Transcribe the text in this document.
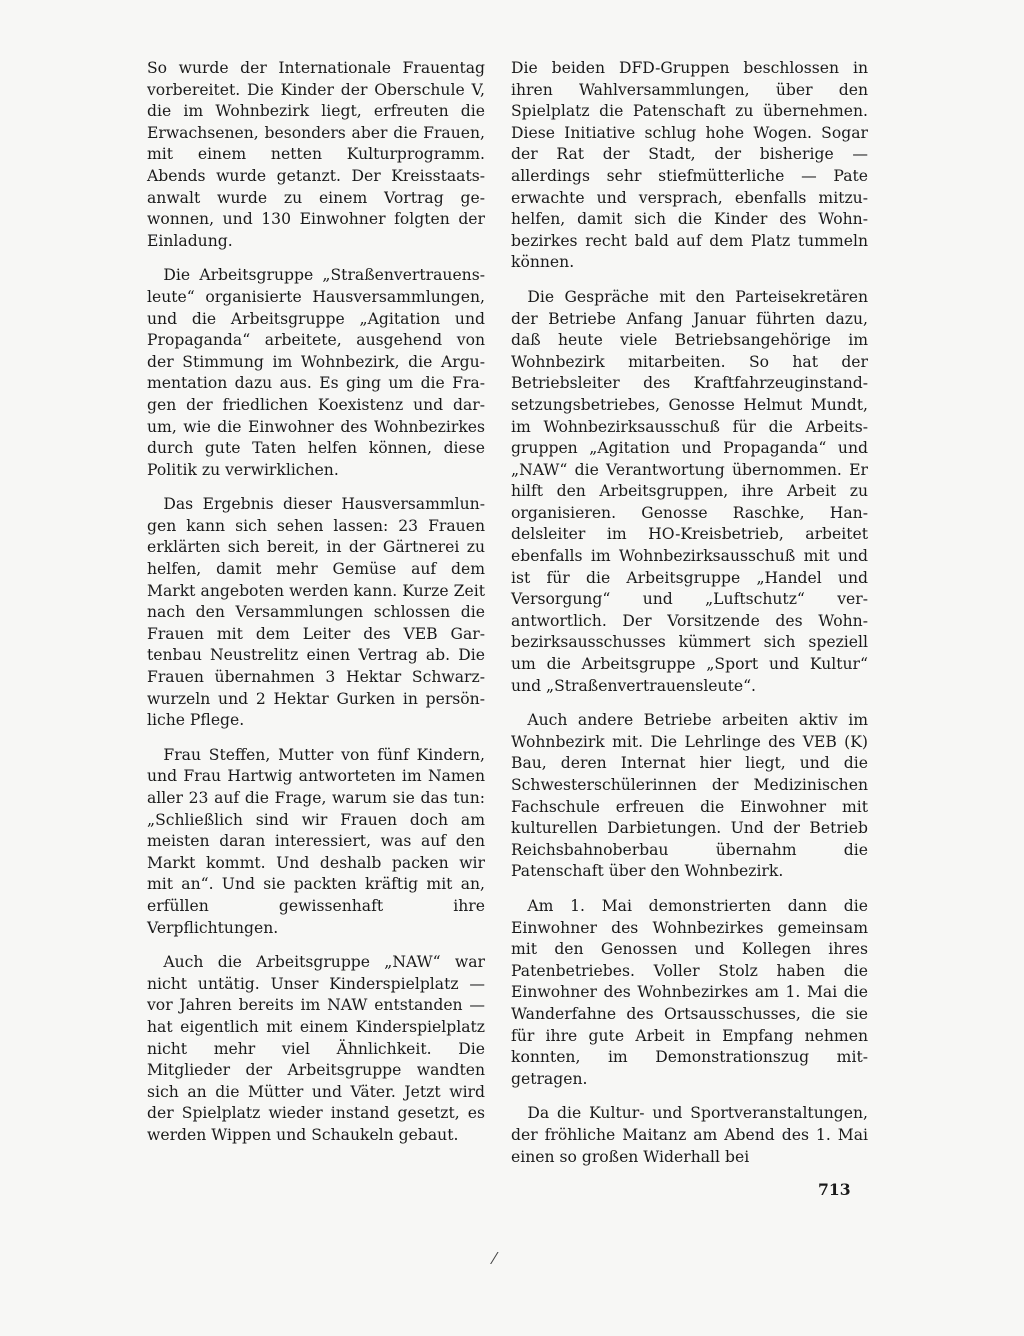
So wurde der Internationale Frauentag vorbereitet. Die Kinder der Oberschule V, die im Wohnbezirk liegt, erfreuten die Erwachsenen, besonders aber die Frauen, mit einem netten Kulturprogramm. Abends wurde getanzt. Der Kreisstaatsanwalt wurde zu einem Vortrag gewonnen, und 130 Einwohner folgten der Einladung.

Die Arbeitsgruppe „Straßenvertrauensleute“ organisierte Hausversammlungen, und die Arbeitsgruppe „Agitation und Propaganda“ arbeitete, ausgehend von der Stimmung im Wohnbezirk, die Argumentation dazu aus. Es ging um die Fragen der friedlichen Koexistenz und darum, wie die Einwohner des Wohnbezirkes durch gute Taten helfen können, diese Politik zu verwirklichen.

Das Ergebnis dieser Hausversammlungen kann sich sehen lassen: 23 Frauen erklärten sich bereit, in der Gärtnerei zu helfen, damit mehr Gemüse auf dem Markt angeboten werden kann. Kurze Zeit nach den Versammlungen schlossen die Frauen mit dem Leiter des VEB Gartenbau Neustrelitz einen Vertrag ab. Die Frauen übernahmen 3 Hektar Schwarzwurzeln und 2 Hektar Gurken in persönliche Pflege.

Frau Steffen, Mutter von fünf Kindern, und Frau Hartwig antworteten im Namen aller 23 auf die Frage, warum sie das tun: „Schließlich sind wir Frauen doch am meisten daran interessiert, was auf den Markt kommt. Und deshalb packen wir mit an“. Und sie packten kräftig mit an, erfüllen gewissenhaft ihre Verpflichtungen.

Auch die Arbeitsgruppe „NAW“ war nicht untätig. Unser Kinderspielplatz — vor Jahren bereits im NAW entstanden — hat eigentlich mit einem Kinderspielplatz nicht mehr viel Ähnlichkeit. Die Mitglieder der Arbeitsgruppe wandten sich an die Mütter und Väter. Jetzt wird der Spielplatz wieder instand gesetzt, es werden Wippen und Schaukeln gebaut.

Die beiden DFD-Gruppen beschlossen in ihren Wahlversammlungen, über den Spielplatz die Patenschaft zu übernehmen. Diese Initiative schlug hohe Wogen. Sogar der Rat der Stadt, der bisherige — allerdings sehr stiefmütterliche — Pate erwachte und versprach, ebenfalls mitzuhelfen, damit sich die Kinder des Wohnbezirkes recht bald auf dem Platz tummeln können.

Die Gespräche mit den Parteisekretären der Betriebe Anfang Januar führten dazu, daß heute viele Betriebsangehörige im Wohnbezirk mitarbeiten. So hat der Betriebsleiter des Kraftfahrzeuginstandsetzungsbetriebes, Genosse Helmut Mundt, im Wohnbezirksausschuß für die Arbeitsgruppen „Agitation und Propaganda“ und „NAW“ die Verantwortung übernommen. Er hilft den Arbeitsgruppen, ihre Arbeit zu organisieren. Genosse Raschke, Handelsleiter im HO-Kreisbetrieb, arbeitet ebenfalls im Wohnbezirksausschuß mit und ist für die Arbeitsgruppe „Handel und Versorgung“ und „Luftschutz“ verantwortlich. Der Vorsitzende des Wohnbezirksausschusses kümmert sich speziell um die Arbeitsgruppe „Sport und Kultur“ und „Straßenvertrauensleute“.

Auch andere Betriebe arbeiten aktiv im Wohnbezirk mit. Die Lehrlinge des VEB (K) Bau, deren Internat hier liegt, und die Schwesterschülerinnen der Medizinischen Fachschule erfreuen die Einwohner mit kulturellen Darbietungen. Und der Betrieb Reichsbahnoberbau übernahm die Patenschaft über den Wohnbezirk.

Am 1. Mai demonstrierten dann die Einwohner des Wohnbezirkes gemeinsam mit den Genossen und Kollegen ihres Patenbetriebes. Voller Stolz haben die Einwohner des Wohnbezirkes am 1. Mai die Wanderfahne des Ortsausschusses, die sie für ihre gute Arbeit in Empfang nehmen konnten, im Demonstrationszug mitgetragen.

Da die Kultur- und Sportveranstaltungen, der fröhliche Maitanz am Abend des 1. Mai einen so großen Widerhall bei

713
⁄
